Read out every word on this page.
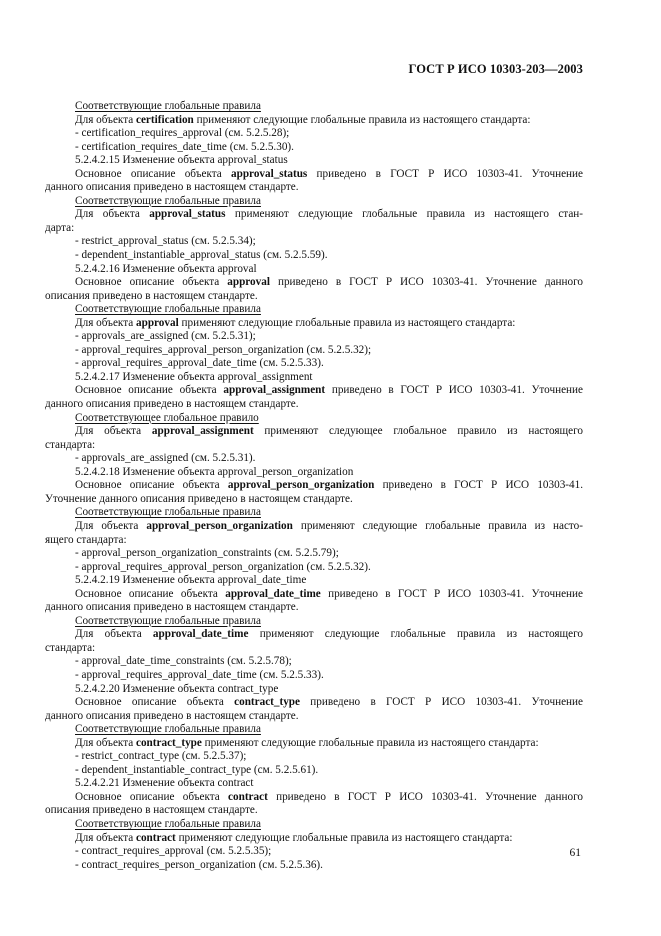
ГОСТ Р ИСО 10303-203—2003
Соответствующие глобальные правила
Для объекта certification применяют следующие глобальные правила из настоящего стандарта:
- certification_requires_approval (см. 5.2.5.28);
- certification_requires_date_time (см. 5.2.5.30).
5.2.4.2.15 Изменение объекта approval_status
Основное описание объекта approval_status приведено в ГОСТ Р ИСО 10303-41. Уточнение
данного описания приведено в настоящем стандарте.
Соответствующие глобальные правила
Для объекта approval_status применяют следующие глобальные правила из настоящего стан-
дарта:
- restrict_approval_status (см. 5.2.5.34);
- dependent_instantiable_approval_status (см. 5.2.5.59).
5.2.4.2.16 Изменение объекта approval
Основное описание объекта approval приведено в ГОСТ Р ИСО 10303-41. Уточнение данного
описания приведено в настоящем стандарте.
Соответствующие глобальные правила
Для объекта approval применяют следующие глобальные правила из настоящего стандарта:
- approvals_are_assigned (см. 5.2.5.31);
- approval_requires_approval_person_organization (см. 5.2.5.32);
- approval_requires_approval_date_time (см. 5.2.5.33).
5.2.4.2.17 Изменение объекта approval_assignment
Основное описание объекта approval_assignment приведено в ГОСТ Р ИСО 10303-41. Уточнение
данного описания приведено в настоящем стандарте.
Соответствующее глобальное правило
Для объекта approval_assignment применяют следующее глобальное правило из настоящего
стандарта:
- approvals_are_assigned (см. 5.2.5.31).
5.2.4.2.18 Изменение объекта approval_person_organization
Основное описание объекта approval_person_organization приведено в ГОСТ Р ИСО 10303-41.
Уточнение данного описания приведено в настоящем стандарте.
Соответствующие глобальные правила
Для объекта approval_person_organization применяют следующие глобальные правила из насто-
ящего стандарта:
- approval_person_organization_constraints (см. 5.2.5.79);
- approval_requires_approval_person_organization (см. 5.2.5.32).
5.2.4.2.19 Изменение объекта approval_date_time
Основное описание объекта approval_date_time приведено в ГОСТ Р ИСО 10303-41. Уточнение
данного описания приведено в настоящем стандарте.
Соответствующие глобальные правила
Для объекта approval_date_time применяют следующие глобальные правила из настоящего
стандарта:
- approval_date_time_constraints (см. 5.2.5.78);
- approval_requires_approval_date_time (см. 5.2.5.33).
5.2.4.2.20 Изменение объекта contract_type
Основное описание объекта contract_type приведено в ГОСТ Р ИСО 10303-41. Уточнение
данного описания приведено в настоящем стандарте.
Соответствующие глобальные правила
Для объекта contract_type применяют следующие глобальные правила из настоящего стандарта:
- restrict_contract_type (см. 5.2.5.37);
- dependent_instantiable_contract_type (см. 5.2.5.61).
5.2.4.2.21 Изменение объекта contract
Основное описание объекта contract приведено в ГОСТ Р ИСО 10303-41. Уточнение данного
описания приведено в настоящем стандарте.
Соответствующие глобальные правила
Для объекта contract применяют следующие глобальные правила из настоящего стандарта:
- contract_requires_approval (см. 5.2.5.35);
- contract_requires_person_organization (см. 5.2.5.36).
61
